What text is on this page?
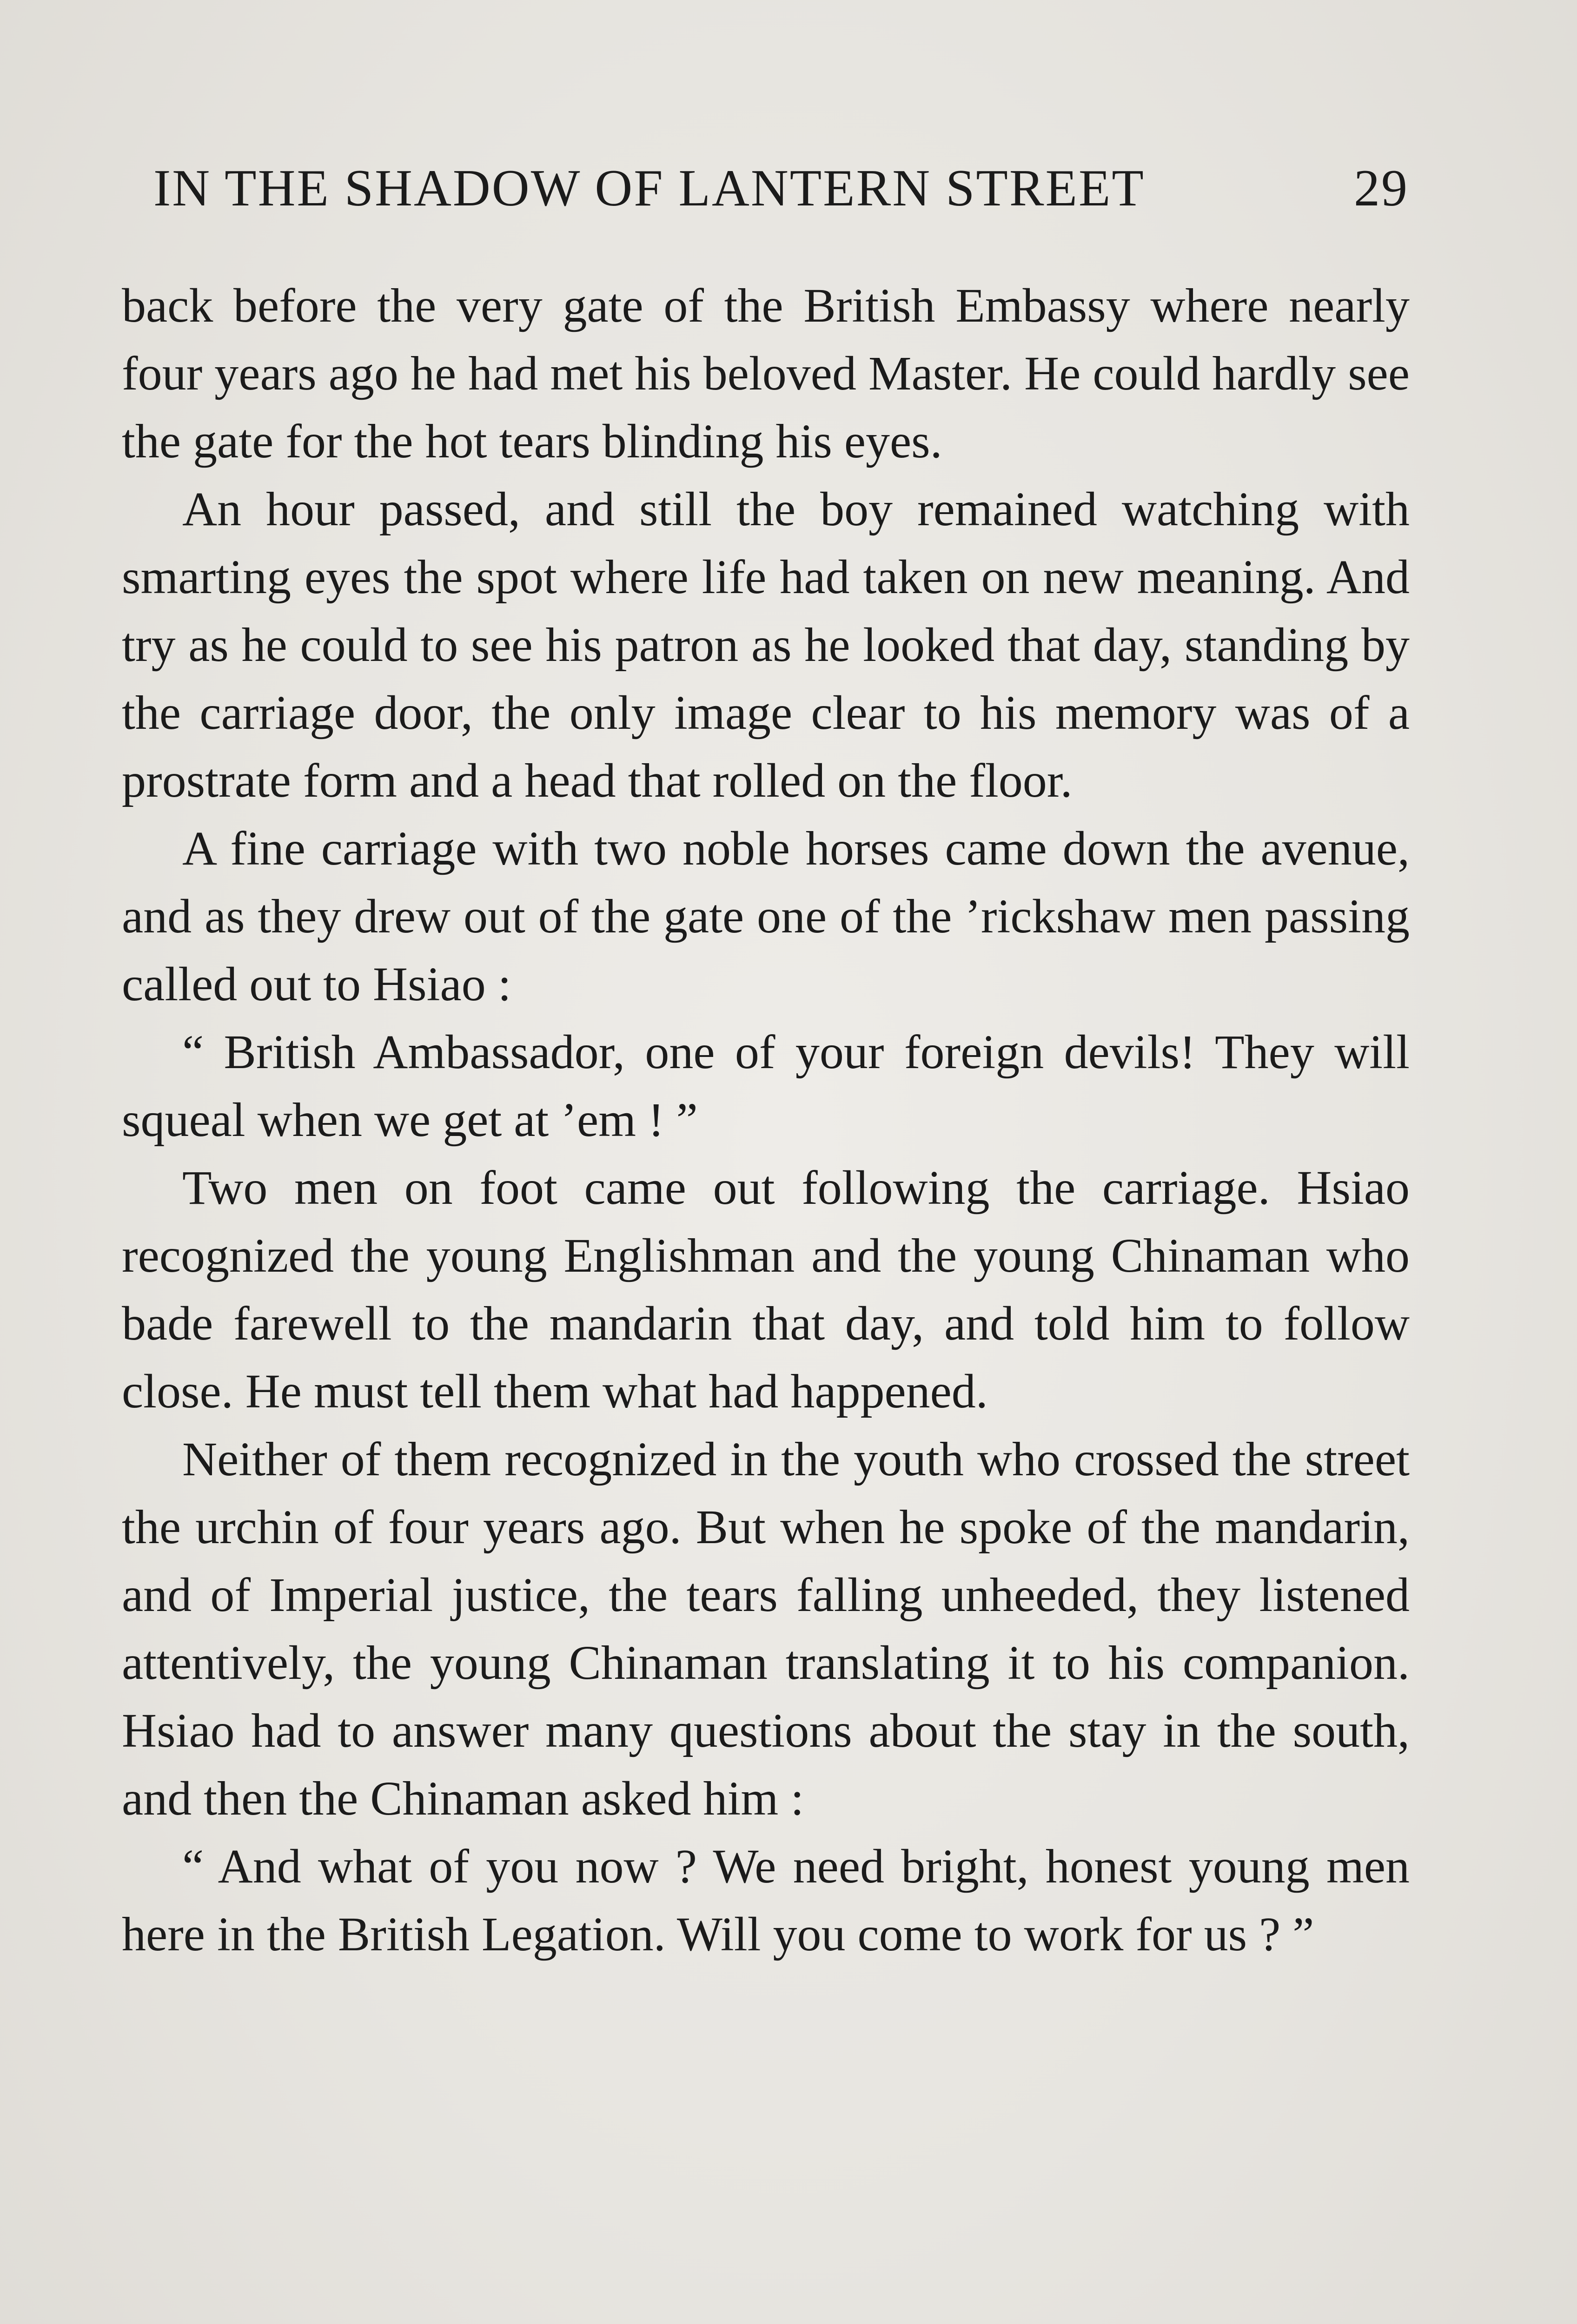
IN THE SHADOW OF LANTERN STREET	29

back before the very gate of the British Embassy where nearly four years ago he had met his beloved Master. He could hardly see the gate for the hot tears blinding his eyes.

An hour passed, and still the boy remained watching with smarting eyes the spot where life had taken on new meaning. And try as he could to see his patron as he looked that day, standing by the carriage door, the only image clear to his memory was of a prostrate form and a head that rolled on the floor.

A fine carriage with two noble horses came down the avenue, and as they drew out of the gate one of the ’rickshaw men passing called out to Hsiao :

“ British Ambassador, one of your foreign devils! They will squeal when we get at ’em ! ”

Two men on foot came out following the carriage. Hsiao recognized the young Englishman and the young Chinaman who bade farewell to the mandarin that day, and told him to follow close. He must tell them what had happened.

Neither of them recognized in the youth who crossed the street the urchin of four years ago. But when he spoke of the mandarin, and of Imperial justice, the tears falling unheeded, they listened attentively, the young Chinaman translating it to his companion. Hsiao had to answer many questions about the stay in the south, and then the Chinaman asked him :

“ And what of you now ? We need bright, honest young men here in the British Legation. Will you come to work for us ? ”
